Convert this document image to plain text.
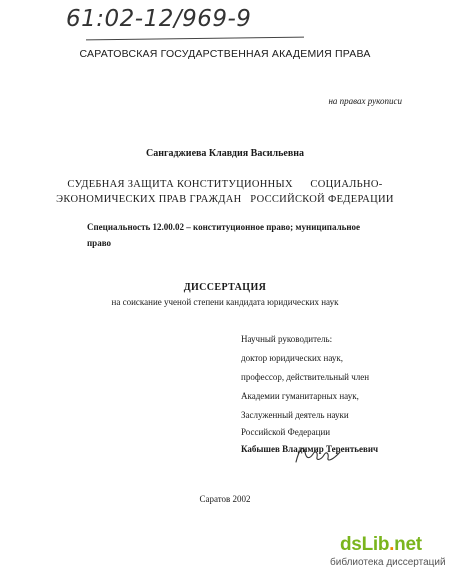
61:02-12/969-9
САРАТОВСКАЯ ГОСУДАРСТВЕННАЯ АКАДЕМИЯ ПРАВА
на правах рукописи
Сангаджиева Клавдия Васильевна
СУДЕБНАЯ ЗАЩИТА КОНСТИТУЦИОННЫХ      СОЦИАЛЬНО-
ЭКОНОМИЧЕСКИХ ПРАВ ГРАЖДАН   РОССИЙСКОЙ ФЕДЕРАЦИИ
Специальность 12.00.02 – конституционное право; муниципальное
право
ДИССЕРТАЦИЯ
на соискание ученой степени кандидата юридических наук
Научный руководитель:
доктор юридических наук,
профессор, действительный член
Академии гуманитарных наук,
Заслуженный деятель науки
Российской Федерации
Кабышев Владимир Терентьевич
Саратов 2002
dsLib.net
библиотека диссертаций
